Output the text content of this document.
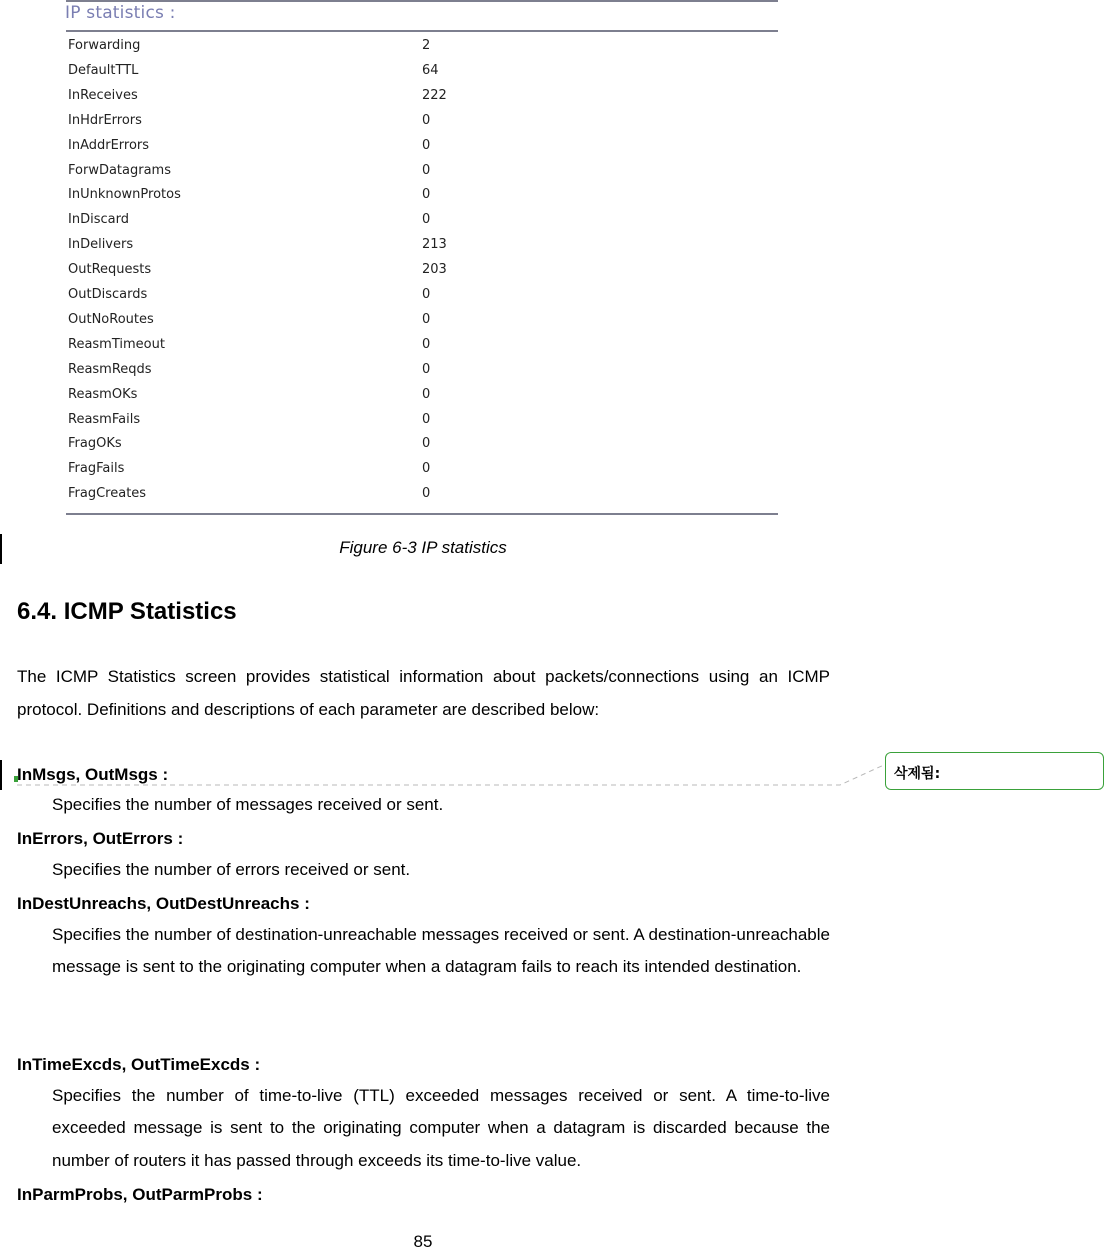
IP statistics :
Forwarding	2
DefaultTTL	64
InReceives	222
InHdrErrors	0
InAddrErrors	0
ForwDatagrams	0
InUnknownProtos	0
InDiscard	0
InDelivers	213
OutRequests	203
OutDiscards	0
OutNoRoutes	0
ReasmTimeout	0
ReasmReqds	0
ReasmOKs	0
ReasmFails	0
FragOKs	0
FragFails	0
FragCreates	0
Figure 6-3 IP statistics
6.4. ICMP Statistics
The ICMP Statistics screen provides statistical information about packets/connections using an ICMP protocol. Definitions and descriptions of each parameter are described below:
InMsgs, OutMsgs :
Specifies the number of messages received or sent.
InErrors, OutErrors :
Specifies the number of errors received or sent.
InDestUnreachs, OutDestUnreachs :
Specifies the number of destination-unreachable messages received or sent. A destination-unreachable message is sent to the originating computer when a datagram fails to reach its intended destination.
InTimeExcds, OutTimeExcds :
Specifies the number of time-to-live (TTL) exceeded messages received or sent. A time-to-live exceeded message is sent to the originating computer when a datagram is discarded because the number of routers it has passed through exceeds its time-to-live value.
InParmProbs, OutParmProbs :
85
삭제됨:
